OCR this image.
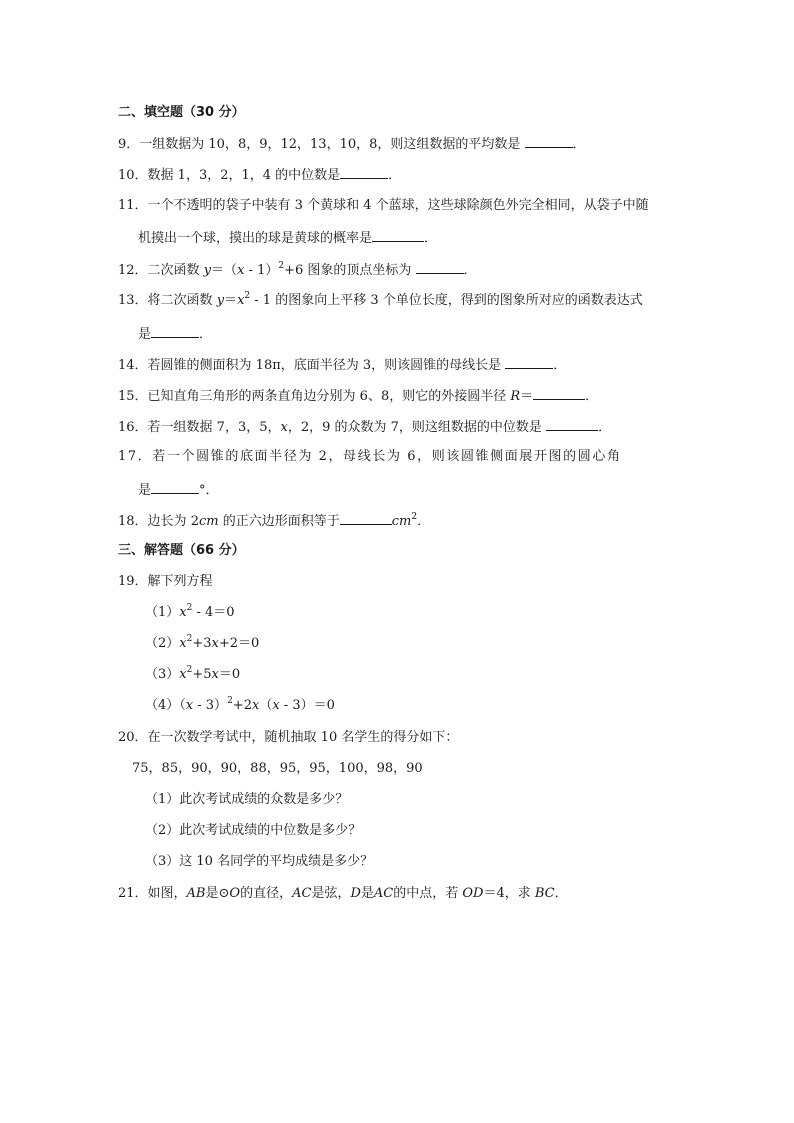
二、填空题（30 分）
9．一组数据为 10，8，9，12，13，10，8，则这组数据的平均数是	．
10．数据 1，3，2，1，4 的中位数是	．
11．一个不透明的袋子中装有 3 个黄球和 4 个蓝球，这些球除颜色外完全相同，从袋子中随
机摸出一个球，摸出的球是黄球的概率是	．
12．二次函数 y＝（x - 1）$^2$+6 图象的顶点坐标为	．
13．将二次函数 $y=x^2 - 1$ 的图象向上平移 3 个单位长度，得到的图象所对应的函数表达式
是	．
14．若圆锥的侧面积为 18π，底面半径为 3，则该圆锥的母线长是	．
15．已知直角三角形的两条直角边分别为 6、8，则它的外接圆半径 R＝	．
16．若一组数据 7，3，5，x，2，9 的众数为 7，则这组数据的中位数是	．
17．若一个圆锥的底面半径为 2，母线长为 6，则该圆锥侧面展开图的圆心角
是	°．
18．边长为 2cm 的正六边形面积等于	$cm^2$．
三、解答题（66 分）
19．解下列方程
$(1)x^2 - 4=0$
$(2)x^2+3x+2=0$
$(3)x^2+5x=0$
（4）（x - 3）$^2$+2x（x - 3）＝0
20．在一次数学考试中，随机抽取 10 名学生的得分如下：
75，85，90，90，88，95，95，100，98，90
（1）此次考试成绩的众数是多少？
（2）此次考试成绩的中位数是多少？
（3）这 10 名同学的平均成绩是多少？
21．如图，AB是⊙O的直径，AC是弦，D是AC的中点，若 OD＝4，求 BC．
